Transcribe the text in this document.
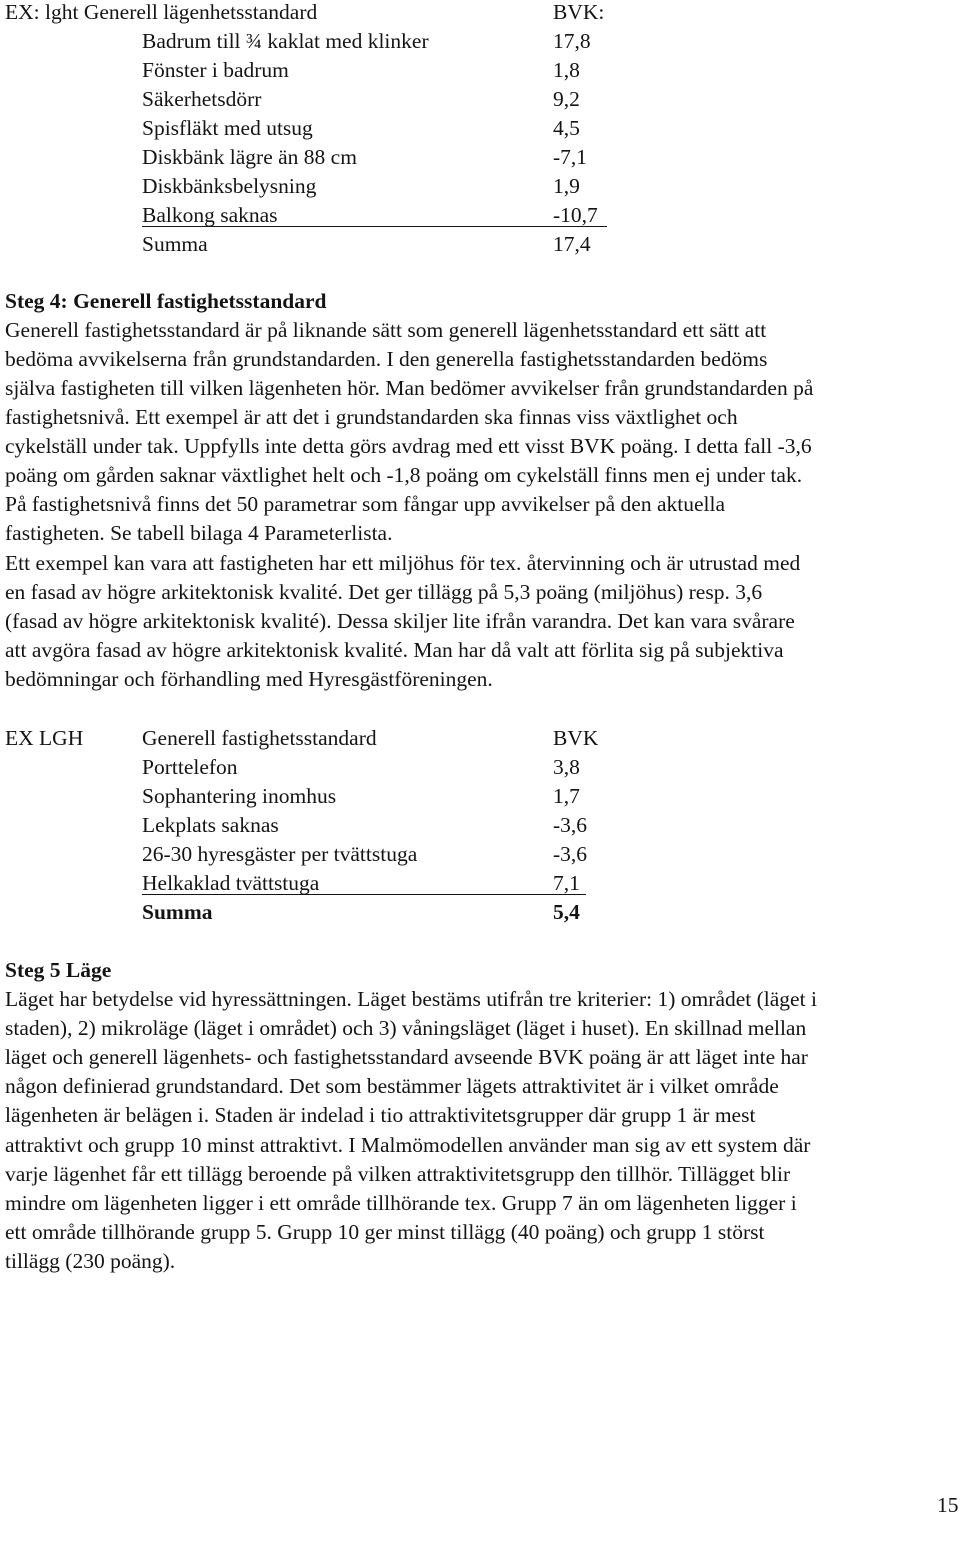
EX: lght Generell lägenhetsstandard	BVK:
Badrum till ¾ kaklat med klinker	17,8
Fönster i badrum	1,8
Säkerhetsdörr	9,2
Spisfläkt med utsug	4,5
Diskbänk lägre än 88 cm	-7,1
Diskbänksbelysning	1,9
Balkong saknas	-10,7
Summa	17,4
Steg 4: Generell fastighetsstandard
Generell fastighetsstandard är på liknande sätt som generell lägenhetsstandard ett sätt att
bedöma avvikelserna från grundstandarden. I den generella fastighetsstandarden bedöms
själva fastigheten till vilken lägenheten hör. Man bedömer avvikelser från grundstandarden på
fastighetsnivå. Ett exempel är att det i grundstandarden ska finnas viss växtlighet och
cykelställ under tak. Uppfylls inte detta görs avdrag med ett visst BVK poäng. I detta fall -3,6
poäng om gården saknar växtlighet helt och -1,8 poäng om cykelställ finns men ej under tak.
På fastighetsnivå finns det 50 parametrar som fångar upp avvikelser på den aktuella
fastigheten. Se tabell bilaga 4 Parameterlista.
Ett exempel kan vara att fastigheten har ett miljöhus för tex. återvinning och är utrustad med
en fasad av högre arkitektonisk kvalité. Det ger tillägg på 5,3 poäng (miljöhus) resp. 3,6
(fasad av högre arkitektonisk kvalité). Dessa skiljer lite ifrån varandra. Det kan vara svårare
att avgöra fasad av högre arkitektonisk kvalité. Man har då valt att förlita sig på subjektiva
bedömningar och förhandling med Hyresgästföreningen.
EX LGH	Generell fastighetsstandard	BVK
Porttelefon	3,8
Sophantering inomhus	1,7
Lekplats saknas	-3,6
26-30 hyresgäster per tvättstuga	-3,6
Helkaklad tvättstuga	7,1
Summa	5,4
Steg 5 Läge
Läget har betydelse vid hyressättningen. Läget bestäms utifrån tre kriterier: 1) området (läget i
staden), 2) mikroläge (läget i området) och 3) våningsläget (läget i huset). En skillnad mellan
läget och generell lägenhets- och fastighetsstandard avseende BVK poäng är att läget inte har
någon definierad grundstandard. Det som bestämmer lägets attraktivitet är i vilket område
lägenheten är belägen i. Staden är indelad i tio attraktivitetsgrupper där grupp 1 är mest
attraktivt och grupp 10 minst attraktivt. I Malmömodellen använder man sig av ett system där
varje lägenhet får ett tillägg beroende på vilken attraktivitetsgrupp den tillhör. Tillägget blir
mindre om lägenheten ligger i ett område tillhörande tex. Grupp 7 än om lägenheten ligger i
ett område tillhörande grupp 5. Grupp 10 ger minst tillägg (40 poäng) och grupp 1 störst
tillägg (230 poäng).
15
